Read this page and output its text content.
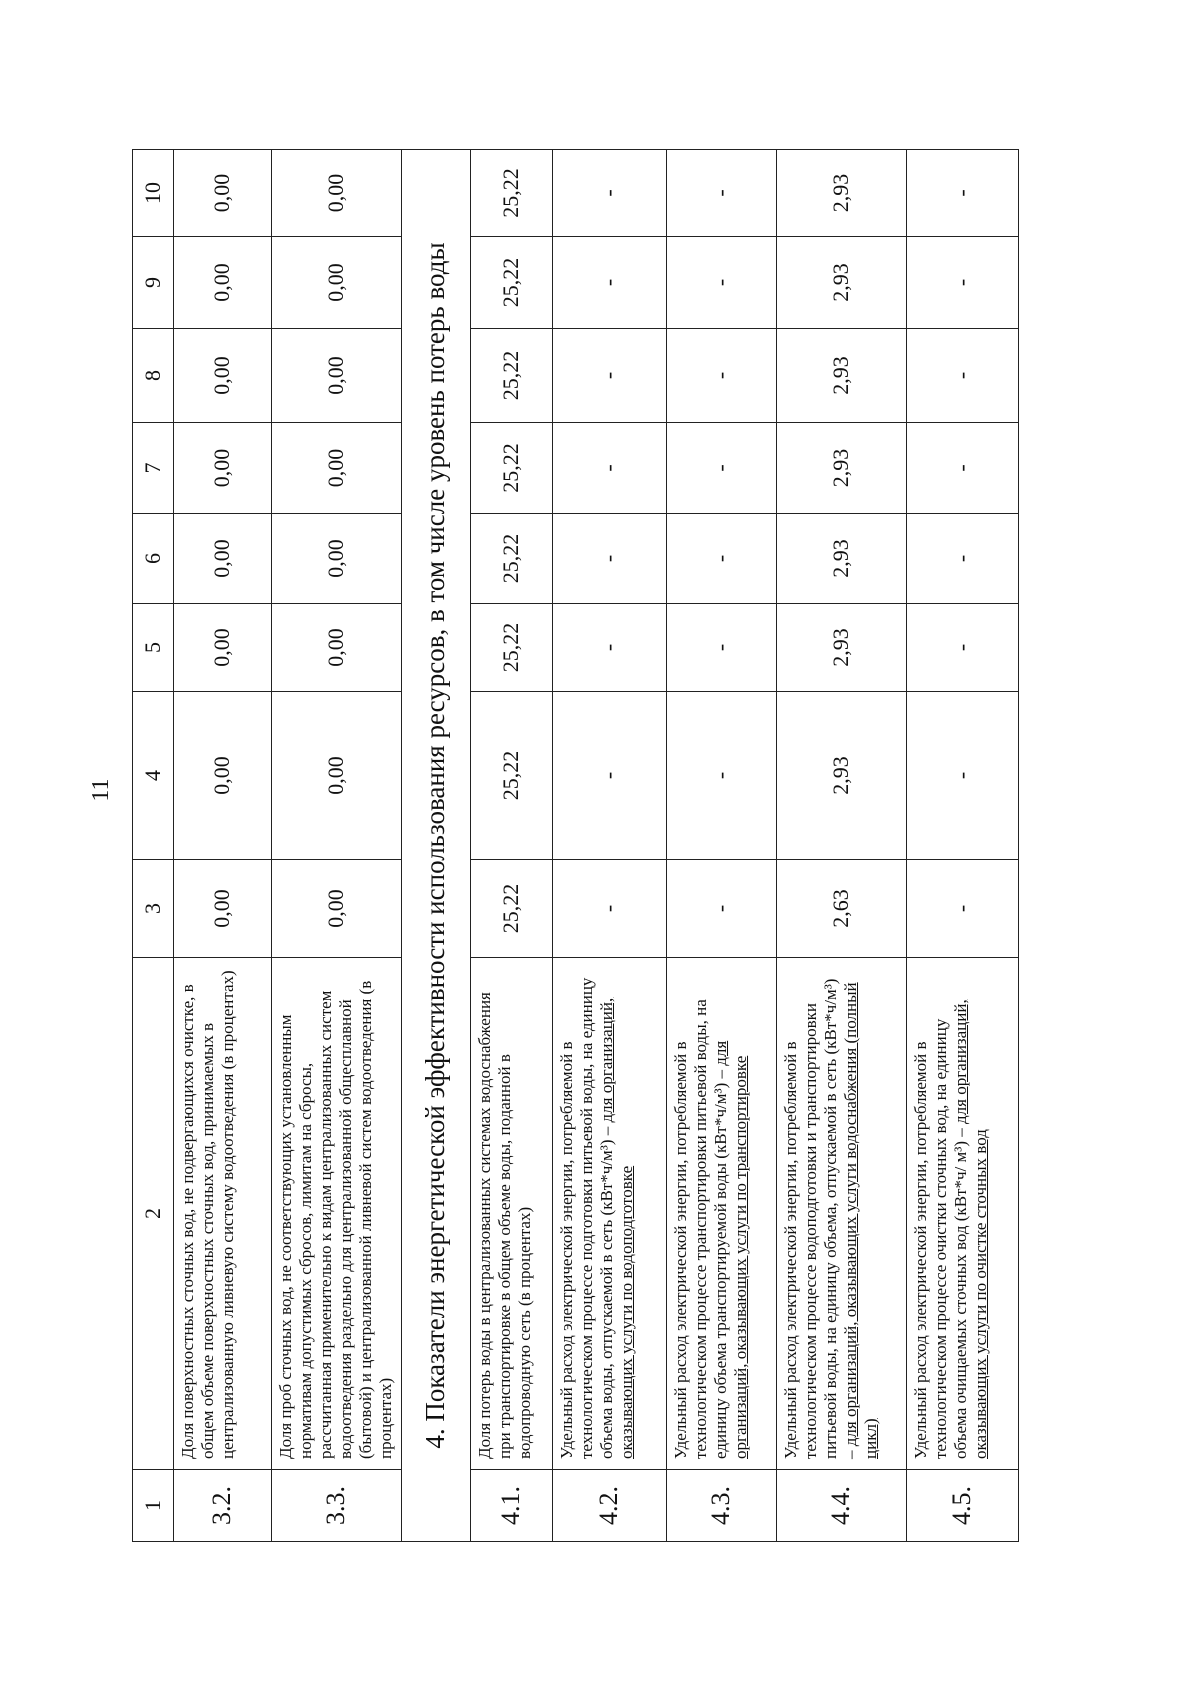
11
1	2	3	4	5	6	7	8	9	10
3.2.	Доля поверхностных сточных вод, не подвергающихся очистке, в общем объеме поверхностных сточных вод, принимаемых в централизованную ливневую систему водоотведения (в процентах)	0,00	0,00	0,00	0,00	0,00	0,00	0,00	0,00
3.3.	Доля проб сточных вод, не соответствующих установленным нормативам допустимых сбросов, лимитам на сбросы, рассчитанная применительно к видам централизованных систем водоотведения раздельно для централизованной общесплавной (бытовой) и централизованной ливневой систем водоотведения (в процентах)	0,00	0,00	0,00	0,00	0,00	0,00	0,00	0,00
4. Показатели энергетической эффективности использования ресурсов, в том числе уровень потерь воды									
4.1.	Доля потерь воды в централизованных системах водоснабжения при транспортировке в общем объеме воды, поданной в водопроводную сеть (в процентах)	25,22	25,22	25,22	25,22	25,22	25,22	25,22	25,22
4.2.	Удельный расход электрической энергии, потребляемой в технологическом процессе подготовки питьевой воды, на единицу объема воды, отпускаемой в сеть (кВт*ч/м³) – для организаций, оказывающих услуги по водоподготовке	-	-	-	-	-	-	-	-
4.3.	Удельный расход электрической энергии, потребляемой в технологическом процессе транспортировки питьевой воды, на единицу объема транспортируемой воды (кВт*ч/м³) – для организаций, оказывающих услуги по транспортировке	-	-	-	-	-	-	-	-
4.4.	Удельный расход электрической энергии, потребляемой в технологическом процессе водоподготовки и транспортировки питьевой воды, на единицу объема, отпускаемой в сеть (кВт*ч/м³) – для организаций, оказывающих услуги водоснабжения (полный цикл)	2,63	2,93	2,93	2,93	2,93	2,93	2,93	2,93
4.5.	Удельный расход электрической энергии, потребляемой в технологическом процессе очистки сточных вод, на единицу объема очищаемых сточных вод (кВт*ч/ м³) – для организаций, оказывающих услуги по очистке сточных вод	-	-	-	-	-	-	-	-
